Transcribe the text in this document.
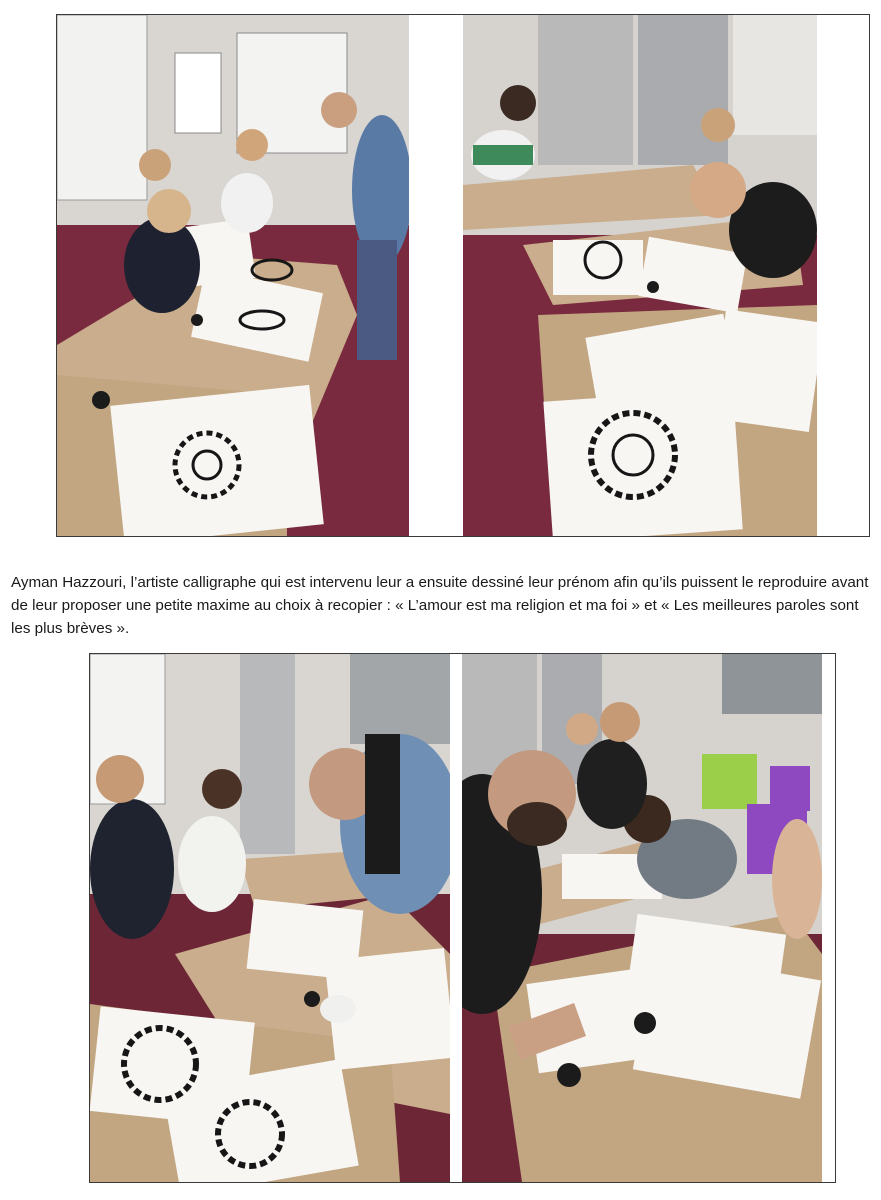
Ayman Hazzouri, l’artiste calligraphe qui est intervenu leur a ensuite dessiné leur prénom afin qu’ils puissent le reproduire avant de leur proposer une petite maxime au choix à recopier : « L’amour est ma religion et ma foi » et « Les meilleures paroles sont les plus brèves ».
